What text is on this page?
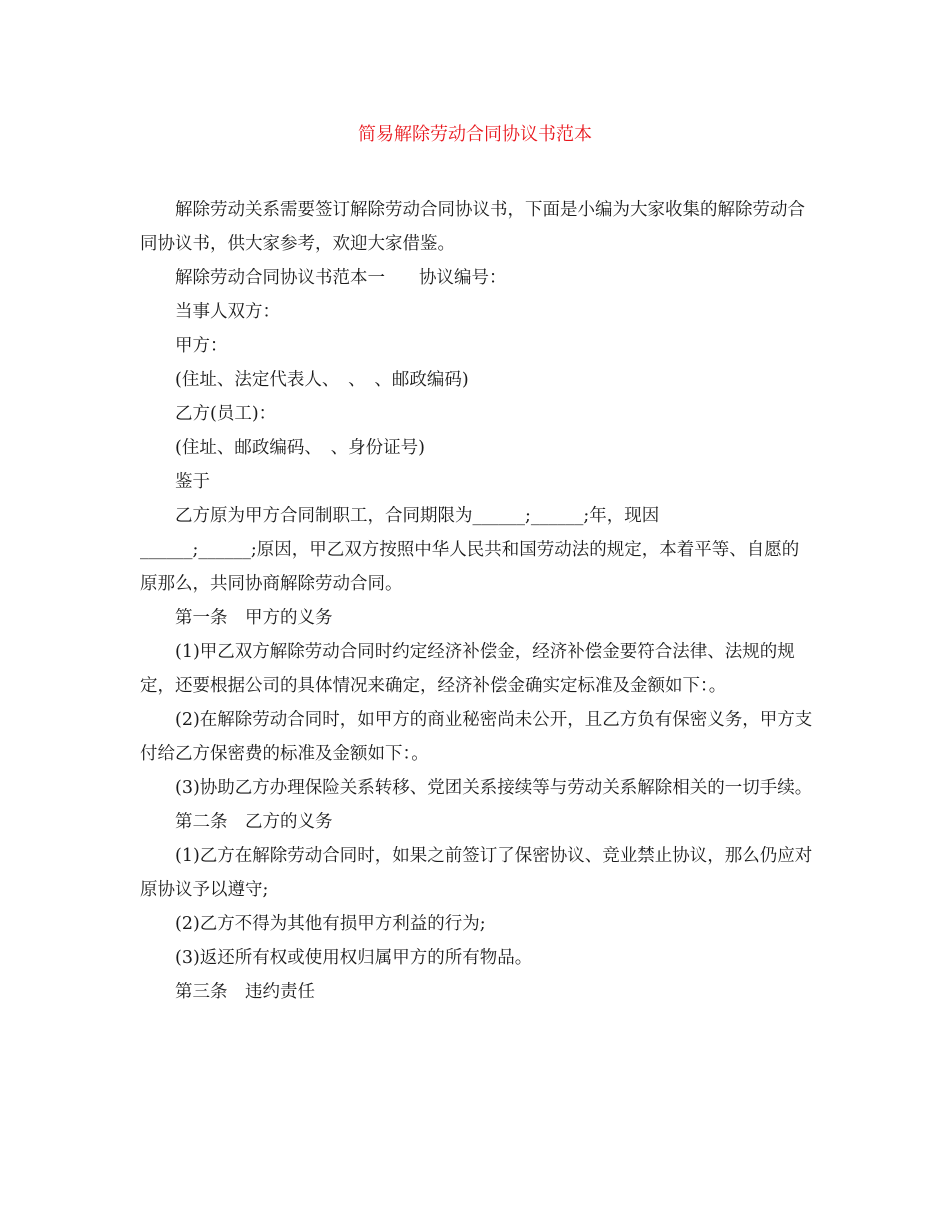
简易解除劳动合同协议书范本

解除劳动关系需要签订解除劳动合同协议书，下面是小编为大家收集的解除劳动合同协议书，供大家参考，欢迎大家借鉴。

解除劳动合同协议书范本一 协议编号：

当事人双方：

甲方：

(住址、法定代表人、　、　、邮政编码)

乙方(员工)：

(住址、邮政编码、　、身份证号)

鉴于

乙方原为甲方合同制职工，合同期限为______;______;年，现因

______;______;原因，甲乙双方按照中华人民共和国劳动法的规定，本着平等、自愿的原那么，共同协商解除劳动合同。

第一条　甲方的义务

(1)甲乙双方解除劳动合同时约定经济补偿金，经济补偿金要符合法律、法规的规定，还要根据公司的具体情况来确定，经济补偿金确实定标准及金额如下：。

(2)在解除劳动合同时，如甲方的商业秘密尚未公开，且乙方负有保密义务，甲方支付给乙方保密费的标准及金额如下：。

(3)协助乙方办理保险关系转移、党团关系接续等与劳动关系解除相关的一切手续。

第二条　乙方的义务

(1)乙方在解除劳动合同时，如果之前签订了保密协议、竞业禁止协议，那么仍应对原协议予以遵守;

(2)乙方不得为其他有损甲方利益的行为;

(3)返还所有权或使用权归属甲方的所有物品。

第三条　违约责任
